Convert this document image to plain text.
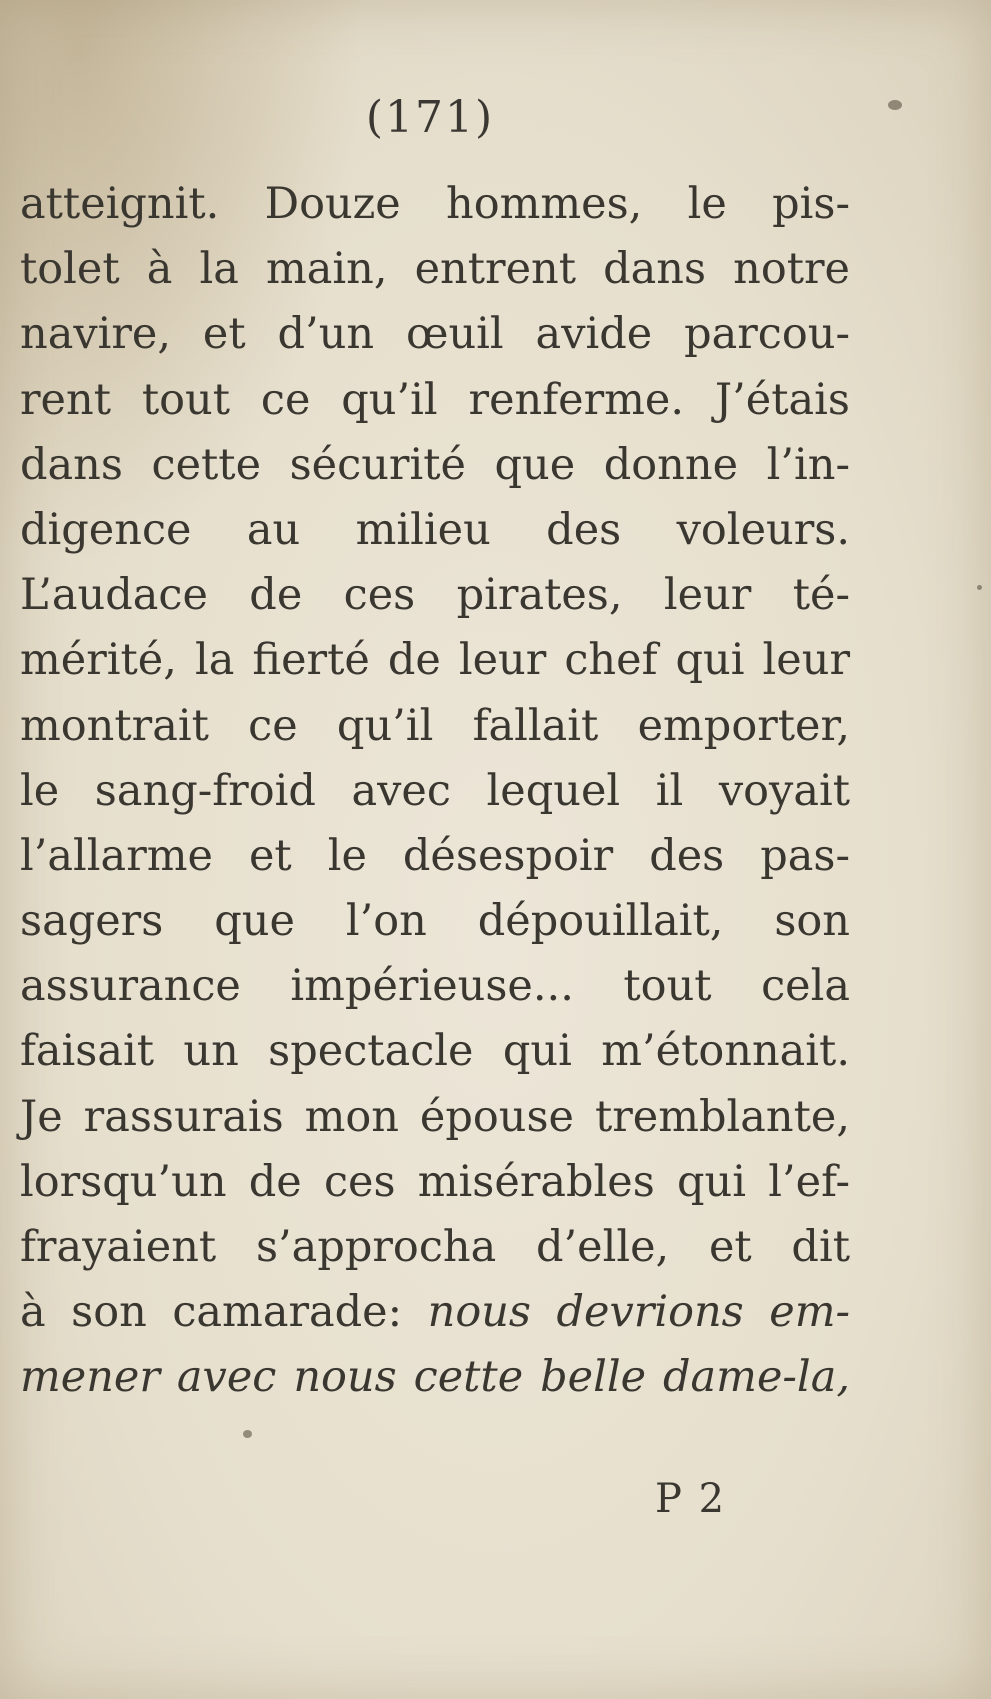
(171)
atteignit. Douze hommes, le pis-
tolet à la main, entrent dans notre
navire, et d’un œuil avide parcou-
rent tout ce qu’il renferme. J’étais
dans cette sécurité que donne l’in-
digence au milieu des voleurs.
L’audace de ces pirates, leur té-
mérité, la fierté de leur chef qui leur
montrait ce qu’il fallait emporter,
le sang-froid avec lequel il voyait
l’allarme et le désespoir des pas-
sagers que l’on dépouillait, son
assurance impérieuse... tout cela
faisait un spectacle qui m’étonnait.
Je rassurais mon épouse tremblante,
lorsqu’un de ces misérables qui l’ef-
frayaient s’approcha d’elle, et dit
à son camarade: nous devrions em-
mener avec nous cette belle dame-la,
P 2
